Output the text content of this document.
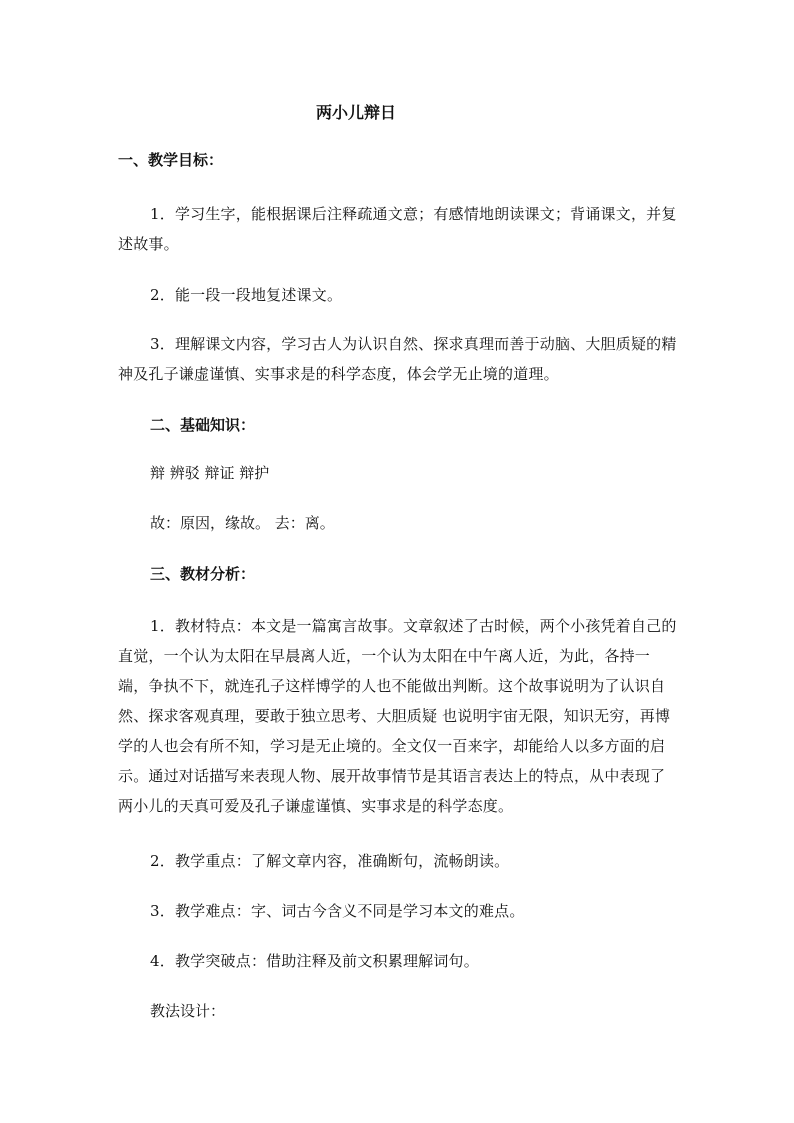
两小儿辩日
一、教学目标：
1．学习生字，能根据课后注释疏通文意；有感情地朗读课文；背诵课文，并复述故事。
2．能一段一段地复述课文。
3．理解课文内容，学习古人为认识自然、探求真理而善于动脑、大胆质疑的精神及孔子谦虚谨慎、实事求是的科学态度，体会学无止境的道理。
二、基础知识：
辩 辨驳 辩证 辩护
故：原因，缘故。 去：离。
三、教材分析：
1．教材特点：本文是一篇寓言故事。文章叙述了古时候，两个小孩凭着自己的直觉，一个认为太阳在早晨离人近，一个认为太阳在中午离人近，为此，各持一端，争执不下，就连孔子这样博学的人也不能做出判断。这个故事说明为了认识自然、探求客观真理，要敢于独立思考、大胆质疑 也说明宇宙无限，知识无穷，再博学的人也会有所不知，学习是无止境的。全文仅一百来字，却能给人以多方面的启示。通过对话描写来表现人物、展开故事情节是其语言表达上的特点，从中表现了两小儿的天真可爱及孔子谦虚谨慎、实事求是的科学态度。
2．教学重点：了解文章内容，准确断句，流畅朗读。
3．教学难点：字、词古今含义不同是学习本文的难点。
4．教学突破点：借助注释及前文积累理解词句。
教法设计：
